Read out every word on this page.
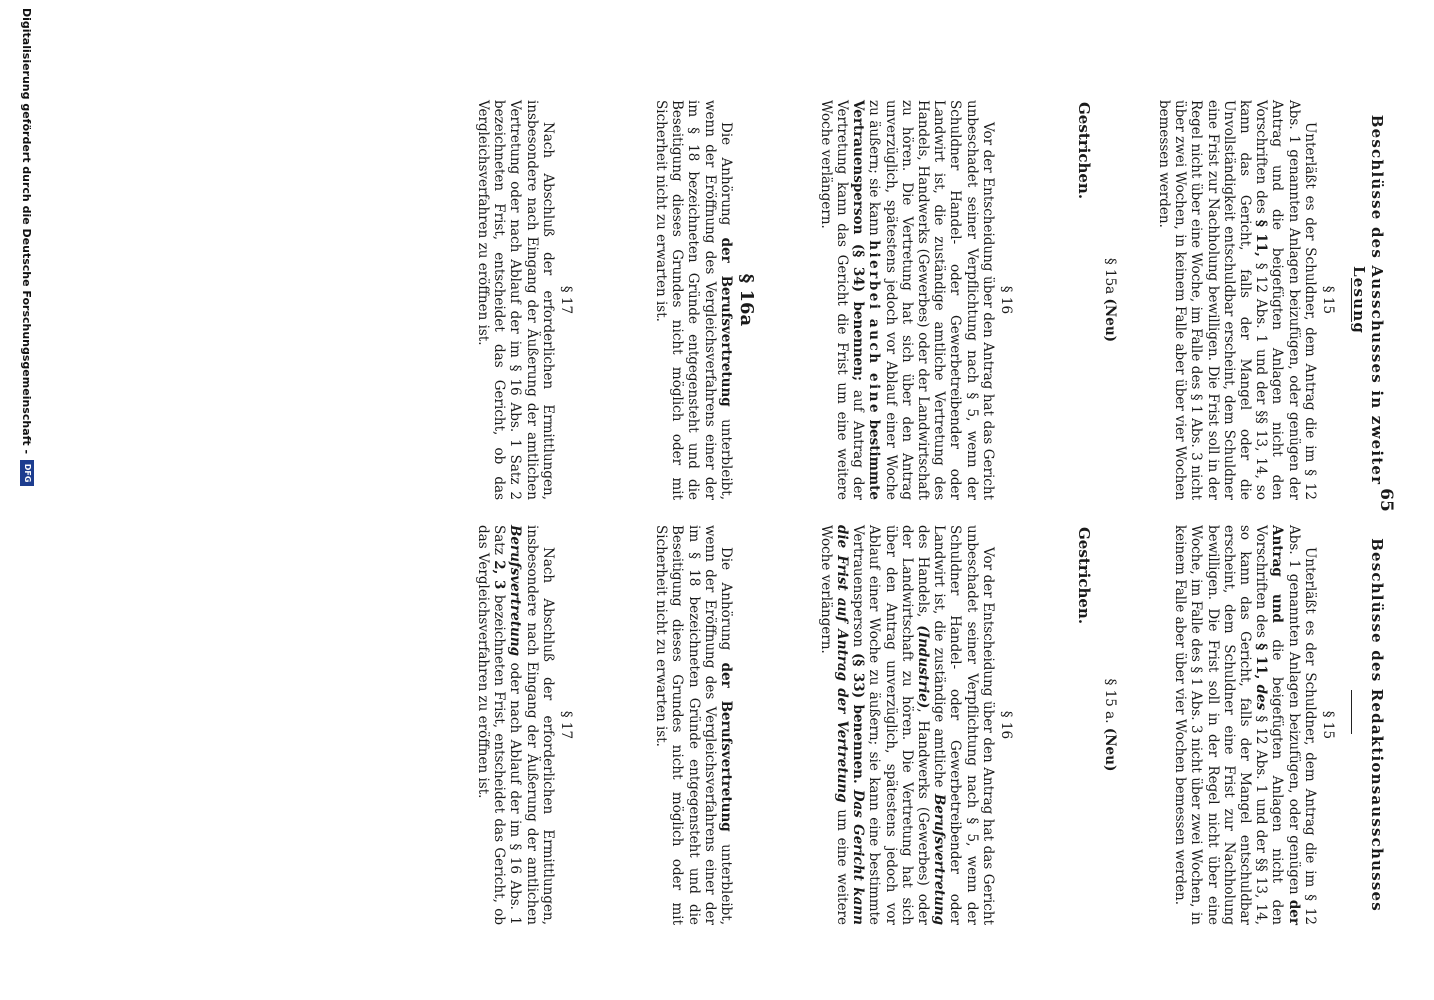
Beschlüsse des Ausschusses in zweiter Lesung
65
Beschlüsse des Redaktionsausschusses
§ 15

Unterläßt es der Schuldner, dem Antrag die im § 12 Abs. 1 genannten Anlagen beizufügen, oder genügen der Antrag und die beigefügten Anlagen nicht den Vorschriften des § 11, § 12 Abs. 1 und der §§ 13, 14, so kann das Gericht, falls der Mangel oder die Unvollständigkeit entschuldbar erscheint, dem Schuldner eine Frist zur Nachholung bewilligen. Die Frist soll in der Regel nicht über eine Woche, im Falle des § 1 Abs. 3 nicht über zwei Wochen, in keinem Falle aber über vier Wochen bemessen werden.

§ 15a (Neu)
Gestrichen.
§ 16

Vor der Entscheidung über den Antrag hat das Gericht unbeschadet seiner Verpflichtung nach § 5, wenn der Schuldner Handel- oder Gewerbetreibender oder Landwirt ist, die zuständige amtliche Vertretung des Handels, Handwerks (Gewerbes) oder der Landwirtschaft zu hören. Die Vertretung hat sich über den Antrag unverzüglich, spätestens jedoch vor Ablauf einer Woche zu äußern; sie kann hierbei auch eine bestimmte Vertrauensperson (§ 34) benennen; auf Antrag der Vertretung kann das Gericht die Frist um eine weitere Woche verlängern.

§ 16a

Die Anhörung der Berufsvertretung unterbleibt, wenn der Eröffnung des Vergleichsverfahrens einer der im § 18 bezeichneten Gründe entgegensteht und die Beseitigung dieses Grundes nicht möglich oder mit Sicherheit nicht zu erwarten ist.

§ 17

Nach Abschluß der erforderlichen Ermittlungen, insbesondere nach Eingang der Äußerung der amtlichen Vertretung oder nach Ablauf der im § 16 Abs. 1 Satz 2 bezeichneten Frist, entscheidet das Gericht, ob das Vergleichsverfahren zu eröffnen ist.

§ 15

Unterläßt es der Schuldner, dem Antrag die im § 12 Abs. 1 genannten Anlagen beizufügen, oder genügen der Antrag und die beigefügten Anlagen nicht den Vorschriften des § 11, des § 12 Abs. 1 und der §§ 13, 14, so kann das Gericht, falls der Mangel entschuldbar erscheint, dem Schuldner eine Frist zur Nachholung bewilligen. Die Frist soll in der Regel nicht über eine Woche, im Falle des § 1 Abs. 3 nicht über zwei Wochen, in keinem Falle aber über vier Wochen bemessen werden.

§ 15 a. (Neu)
Gestrichen.
§ 16

Vor der Entscheidung über den Antrag hat das Gericht unbeschadet seiner Verpflichtung nach § 5, wenn der Schuldner Handel- oder Gewerbetreibender oder Landwirt ist, die zuständige amtliche Berufsvertretung des Handels, (Industrie), Handwerks (Gewerbes) oder der Landwirtschaft zu hören. Die Vertretung hat sich über den Antrag unverzüglich, spätestens jedoch vor Ablauf einer Woche zu äußern; sie kann eine bestimmte Vertrauensperson (§ 33) benennen. Das Gericht kann die Frist auf Antrag der Vertretung um eine weitere Woche verlängern.

Die Anhörung der Berufsvertretung unterbleibt, wenn der Eröffnung des Vergleichsverfahrens einer der im § 18 bezeichneten Gründe entgegensteht und die Beseitigung dieses Grundes nicht möglich oder mit Sicherheit nicht zu erwarten ist.

§ 17

Nach Abschluß der erforderlichen Ermittlungen, insbesondere nach Eingang der Äußerung der amtlichen Berufsvertretung oder nach Ablauf der im § 16 Abs. 1 Satz 2, 3 bezeichneten Frist, entscheidet das Gericht, ob das Vergleichsverfahren zu eröffnen ist.

Digitalisierung gefördert durch die Deutsche Forschungsgemeinschaft -
DFG
